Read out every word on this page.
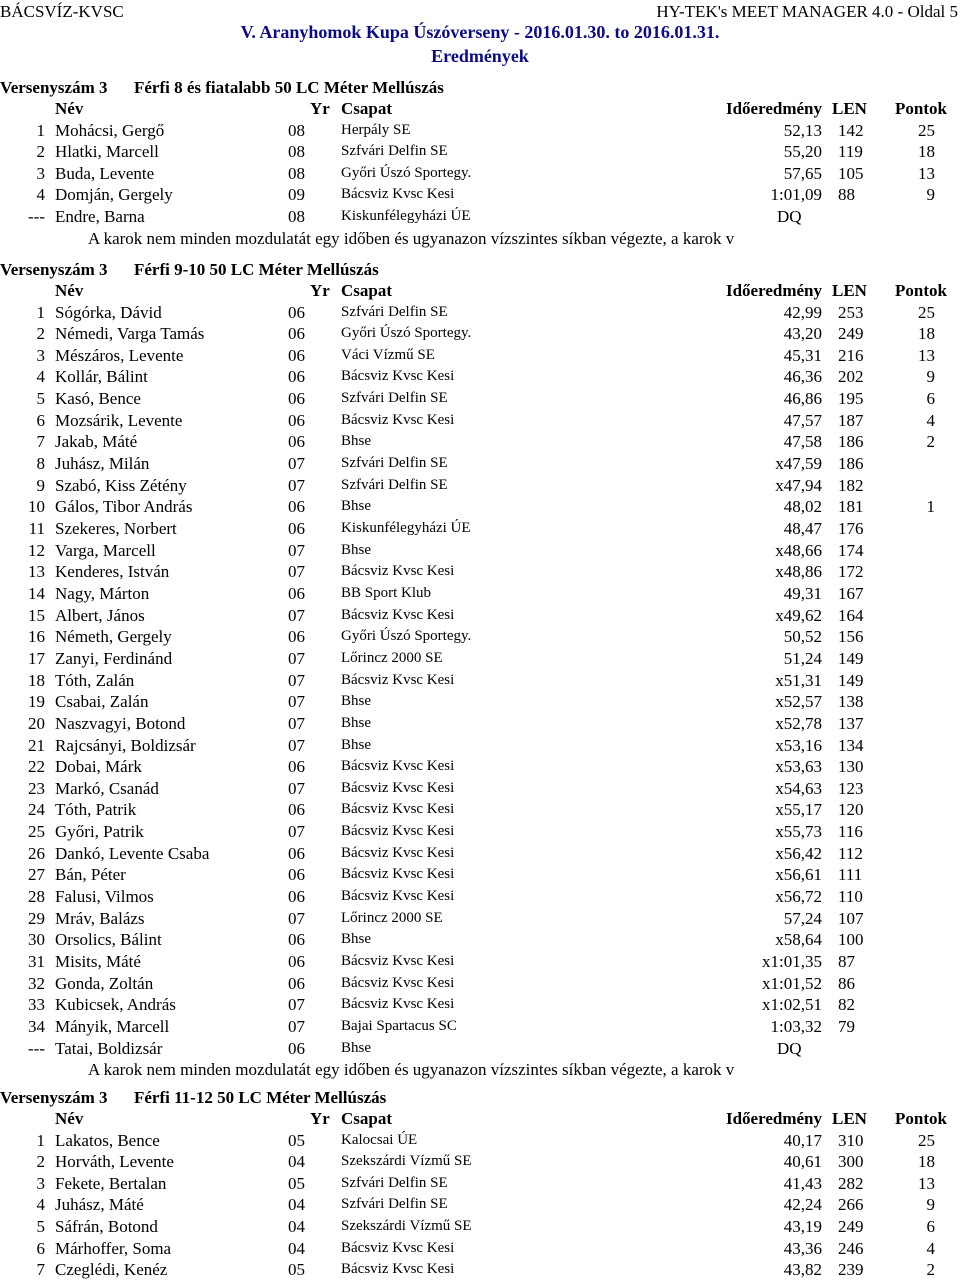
BÁCSVÍZ-KVSC	HY-TEK's MEET MANAGER 4.0 - Oldal 5
V. Aranyhomok Kupa Úszóverseny - 2016.01.30. to 2016.01.31.
Eredmények
Versenyszám 3 Férfi 8 és fiatalabb 50 LC Méter Mellúszás
Név	Yr Csapat	Időeredmény LEN	Pontok
1 Mohácsi, Gergő	08 Herpály SE	52,13 142	25
2 Hlatki, Marcell	08 Szfvári Delfin SE	55,20 119	18
3 Buda, Levente	08 Győri Úszó Sportegy.	57,65 105	13
4 Domján, Gergely	09 Bácsviz Kvsc Kesi	1:01,09 88	9
--- Endre, Barna	08 Kiskunfélegyházi ÚE	DQ
A karok nem minden mozdulatát egy időben és ugyanazon vízszintes síkban végezte, a karok v
Versenyszám 3 Férfi 9-10 50 LC Méter Mellúszás
Név	Yr Csapat	Időeredmény LEN	Pontok
1 Sógórka, Dávid	06 Szfvári Delfin SE	42,99 253	25
2 Némedi, Varga Tamás	06 Győri Úszó Sportegy.	43,20 249	18
3 Mészáros, Levente	06 Váci Vízmű SE	45,31 216	13
4 Kollár, Bálint	06 Bácsviz Kvsc Kesi	46,36 202	9
5 Kasó, Bence	06 Szfvári Delfin SE	46,86 195	6
6 Mozsárik, Levente	06 Bácsviz Kvsc Kesi	47,57 187	4
7 Jakab, Máté	06 Bhse	47,58 186	2
8 Juhász, Milán	07 Szfvári Delfin SE	x47,59 186
9 Szabó, Kiss Zétény	07 Szfvári Delfin SE	x47,94 182
10 Gálos, Tibor András	06 Bhse	48,02 181	1
11 Szekeres, Norbert	06 Kiskunfélegyházi ÚE	48,47 176
12 Varga, Marcell	07 Bhse	x48,66 174
13 Kenderes, István	07 Bácsviz Kvsc Kesi	x48,86 172
14 Nagy, Márton	06 BB Sport Klub	49,31 167
15 Albert, János	07 Bácsviz Kvsc Kesi	x49,62 164
16 Németh, Gergely	06 Győri Úszó Sportegy.	50,52 156
17 Zanyi, Ferdinánd	07 Lőrincz 2000 SE	51,24 149
18 Tóth, Zalán	07 Bácsviz Kvsc Kesi	x51,31 149
19 Csabai, Zalán	07 Bhse	x52,57 138
20 Naszvagyi, Botond	07 Bhse	x52,78 137
21 Rajcsányi, Boldizsár	07 Bhse	x53,16 134
22 Dobai, Márk	06 Bácsviz Kvsc Kesi	x53,63 130
23 Markó, Csanád	07 Bácsviz Kvsc Kesi	x54,63 123
24 Tóth, Patrik	06 Bácsviz Kvsc Kesi	x55,17 120
25 Győri, Patrik	07 Bácsviz Kvsc Kesi	x55,73 116
26 Dankó, Levente Csaba	06 Bácsviz Kvsc Kesi	x56,42 112
27 Bán, Péter	06 Bácsviz Kvsc Kesi	x56,61 111
28 Falusi, Vilmos	06 Bácsviz Kvsc Kesi	x56,72 110
29 Mráv, Balázs	07 Lőrincz 2000 SE	57,24 107
30 Orsolics, Bálint	06 Bhse	x58,64 100
31 Misits, Máté	06 Bácsviz Kvsc Kesi	x1:01,35 87
32 Gonda, Zoltán	06 Bácsviz Kvsc Kesi	x1:01,52 86
33 Kubicsek, András	07 Bácsviz Kvsc Kesi	x1:02,51 82
34 Mányik, Marcell	07 Bajai Spartacus SC	1:03,32 79
--- Tatai, Boldizsár	06 Bhse	DQ
A karok nem minden mozdulatát egy időben és ugyanazon vízszintes síkban végezte, a karok v
Versenyszám 3 Férfi 11-12 50 LC Méter Mellúszás
Név	Yr Csapat	Időeredmény LEN	Pontok
1 Lakatos, Bence	05 Kalocsai ÚE	40,17 310	25
2 Horváth, Levente	04 Szekszárdi Vízmű SE	40,61 300	18
3 Fekete, Bertalan	05 Szfvári Delfin SE	41,43 282	13
4 Juhász, Máté	04 Szfvári Delfin SE	42,24 266	9
5 Sáfrán, Botond	04 Szekszárdi Vízmű SE	43,19 249	6
6 Márhoffer, Soma	04 Bácsviz Kvsc Kesi	43,36 246	4
7 Czeglédi, Kenéz	05 Bácsviz Kvsc Kesi	43,82 239	2
